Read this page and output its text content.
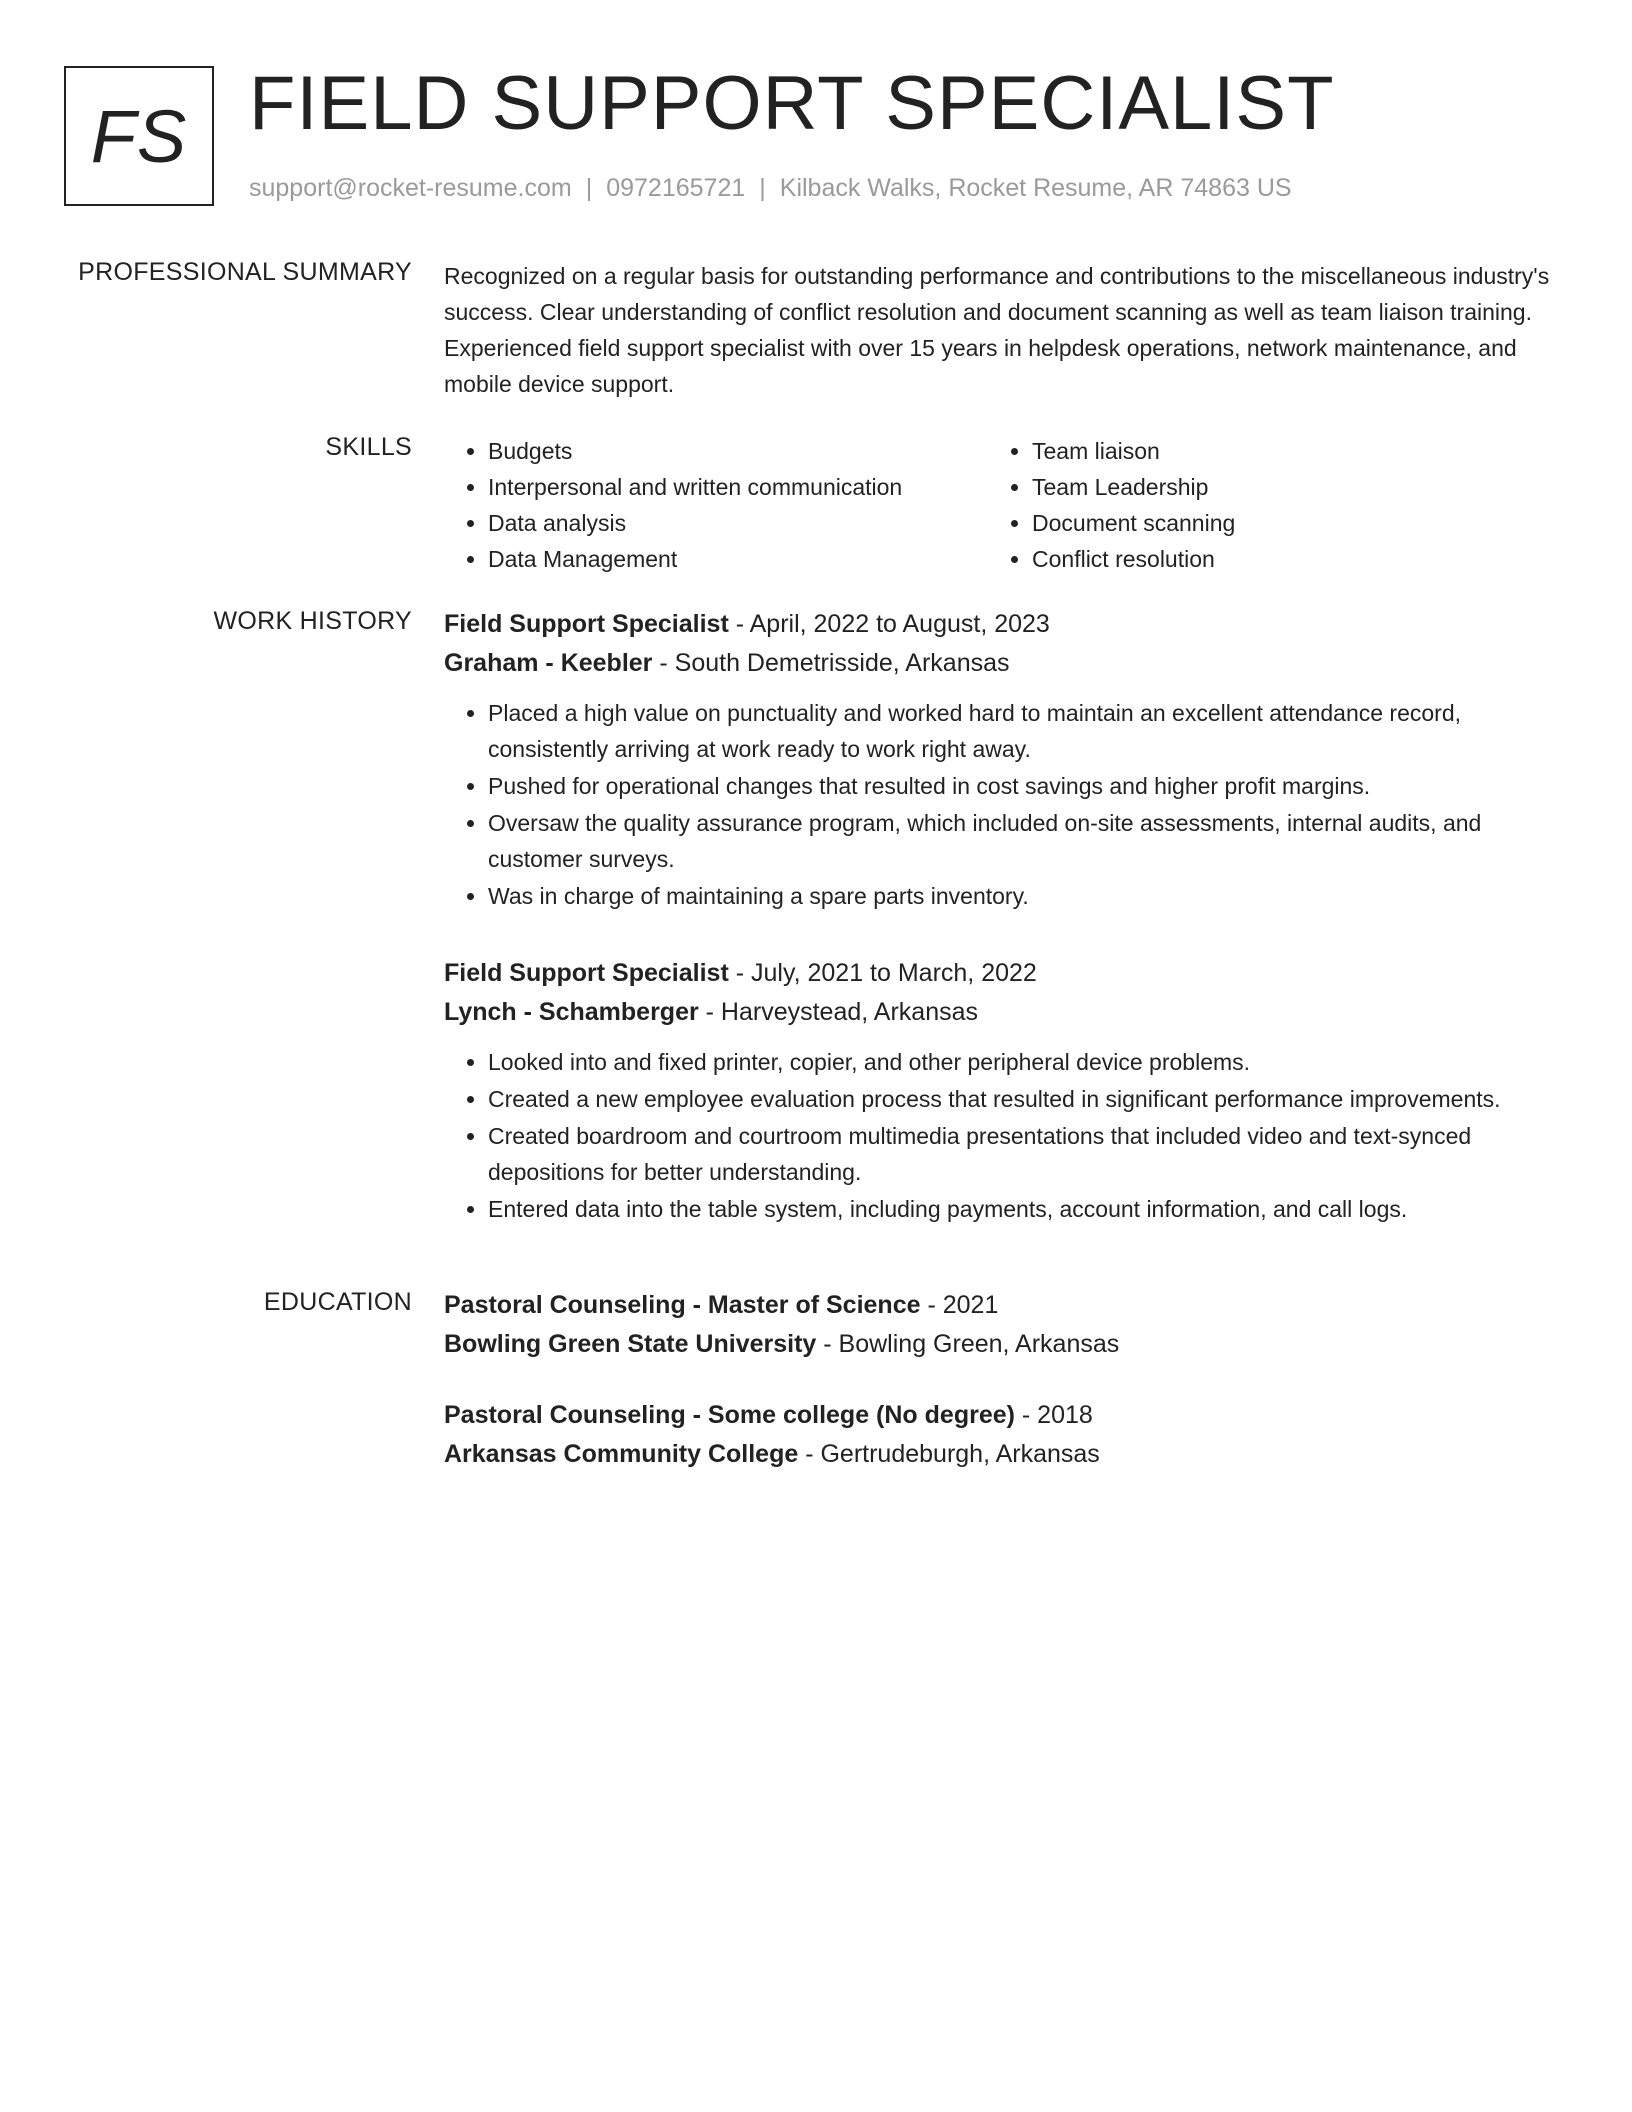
FS FIELD SUPPORT SPECIALIST
support@rocket-resume.com | 0972165721 | Kilback Walks, Rocket Resume, AR 74863 US
PROFESSIONAL SUMMARY Recognized on a regular basis for outstanding performance and contributions to the miscellaneous industry's success. Clear understanding of conflict resolution and document scanning as well as team liaison training. Experienced field support specialist with over 15 years in helpdesk operations, network maintenance, and mobile device support.

SKILLS
•	Budgets
• Interpersonal and written communication
• Data analysis
• Data Management
• Team liaison
• Team Leadership
• Document scanning
• Conflict resolution
WORK HISTORY Field Support Specialist - April, 2022 to August, 2023
Graham - Keebler - South Demetrisside, Arkansas
• Placed a high value on punctuality and worked hard to maintain an excellent attendance record, consistently arriving at work ready to work right away.
• Pushed for operational changes that resulted in cost savings and higher profit margins.
• Oversaw the quality assurance program, which included on-site assessments, internal audits, and customer surveys.
• Was in charge of maintaining a spare parts inventory.
Field Support Specialist - July, 2021 to March, 2022
Lynch - Schamberger - Harveystead, Arkansas
• Looked into and fixed printer, copier, and other peripheral device problems.
• Created a new employee evaluation process that resulted in significant performance improvements.
• Created boardroom and courtroom multimedia presentations that included video and text-synced depositions for better understanding.
• Entered data into the table system, including payments, account information, and call logs.
EDUCATION Pastoral Counseling - Master of Science - 2021
Bowling Green State University - Bowling Green, Arkansas
Pastoral Counseling - Some college (No degree) - 2018
Arkansas Community College - Gertrudeburgh, Arkansas
